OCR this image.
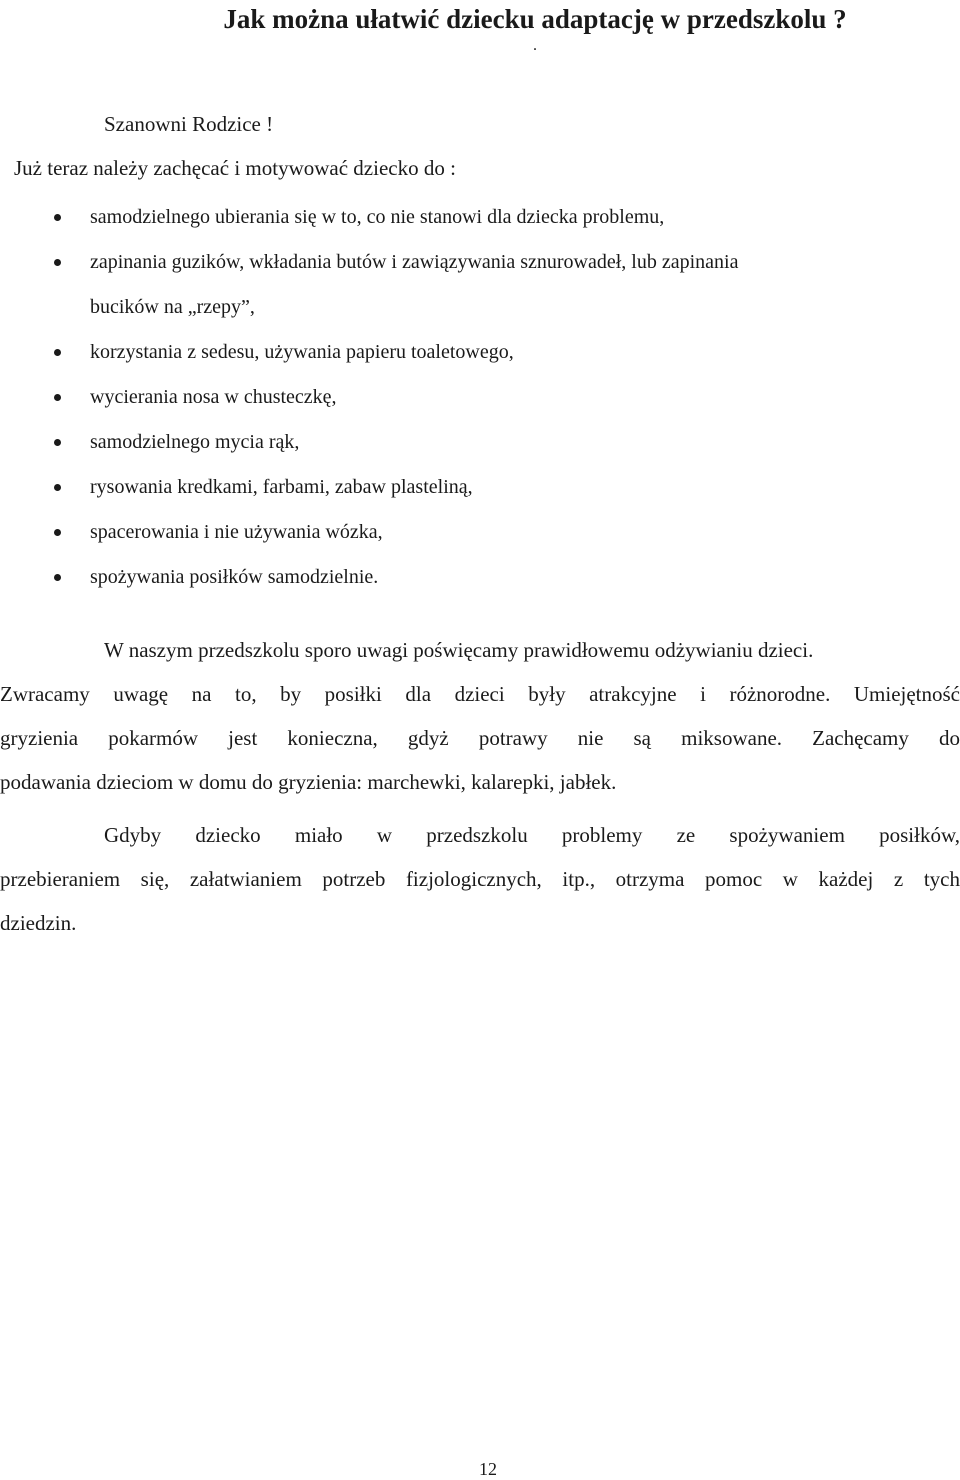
Jak można ułatwić dziecku adaptację w przedszkolu ?
.
Szanowni Rodzice !
Już teraz należy zachęcać i motywować dziecko do :
samodzielnego ubierania się w to, co nie stanowi dla dziecka problemu,
zapinania guzików, wkładania butów i zawiązywania sznurowadeł, lub zapinania
bucików na „rzepy”,
korzystania z sedesu, używania papieru toaletowego,
wycierania nosa w chusteczkę,
samodzielnego mycia rąk,
rysowania kredkami, farbami, zabaw plasteliną,
spacerowania i nie używania wózka,
spożywania posiłków samodzielnie.
W naszym przedszkolu sporo uwagi poświęcamy prawidłowemu odżywianiu dzieci.
Zwracamy uwagę na to, by posiłki dla dzieci były atrakcyjne i różnorodne. Umiejętność
gryzienia pokarmów jest konieczna, gdyż potrawy nie są miksowane. Zachęcamy do
podawania dzieciom w domu do gryzienia: marchewki, kalarepki, jabłek.
Gdyby dziecko miało w przedszkolu problemy ze spożywaniem posiłków,
przebieraniem się, załatwianiem potrzeb fizjologicznych, itp., otrzyma pomoc w każdej z tych
dziedzin.
12
